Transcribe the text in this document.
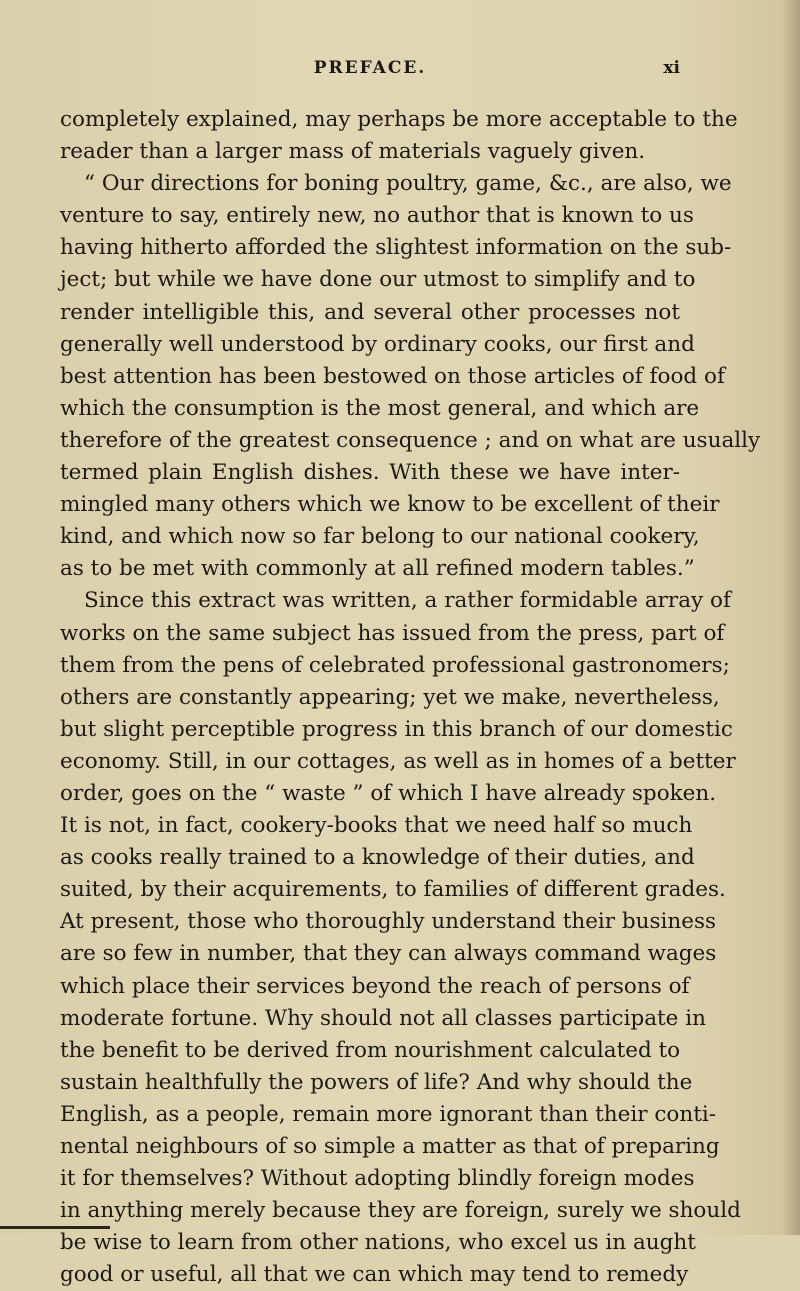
PREFACE.	xi
completely explained, may perhaps be more acceptable to the
reader than a larger mass of materials vaguely given.
“ Our directions for boning poultry, game, &c., are also, we
venture to say, entirely new, no author that is known to us
having hitherto afforded the slightest information on the sub-
ject; but while we have done our utmost to simplify and to
render intelligible this, and several other processes not
generally well understood by ordinary cooks, our first and
best attention has been bestowed on those articles of food of
which the consumption is the most general, and which are
therefore of the greatest consequence ; and on what are usually
termed plain English dishes. With these we have inter-
mingled many others which we know to be excellent of their
kind, and which now so far belong to our national cookery,
as to be met with commonly at all refined modern tables.”
Since this extract was written, a rather formidable array of
works on the same subject has issued from the press, part of
them from the pens of celebrated professional gastronomers;
others are constantly appearing; yet we make, nevertheless,
but slight perceptible progress in this branch of our domestic
economy. Still, in our cottages, as well as in homes of a better
order, goes on the “ waste ” of which I have already spoken.
It is not, in fact, cookery-books that we need half so much
as cooks really trained to a knowledge of their duties, and
suited, by their acquirements, to families of different grades.
At present, those who thoroughly understand their business
are so few in number, that they can always command wages
which place their services beyond the reach of persons of
moderate fortune. Why should not all classes participate in
the benefit to be derived from nourishment calculated to
sustain healthfully the powers of life? And why should the
English, as a people, remain more ignorant than their conti-
nental neighbours of so simple a matter as that of preparing
it for themselves? Without adopting blindly foreign modes
in anything merely because they are foreign, surely we should
be wise to learn from other nations, who excel us in aught
good or useful, all that we can which may tend to remedy
